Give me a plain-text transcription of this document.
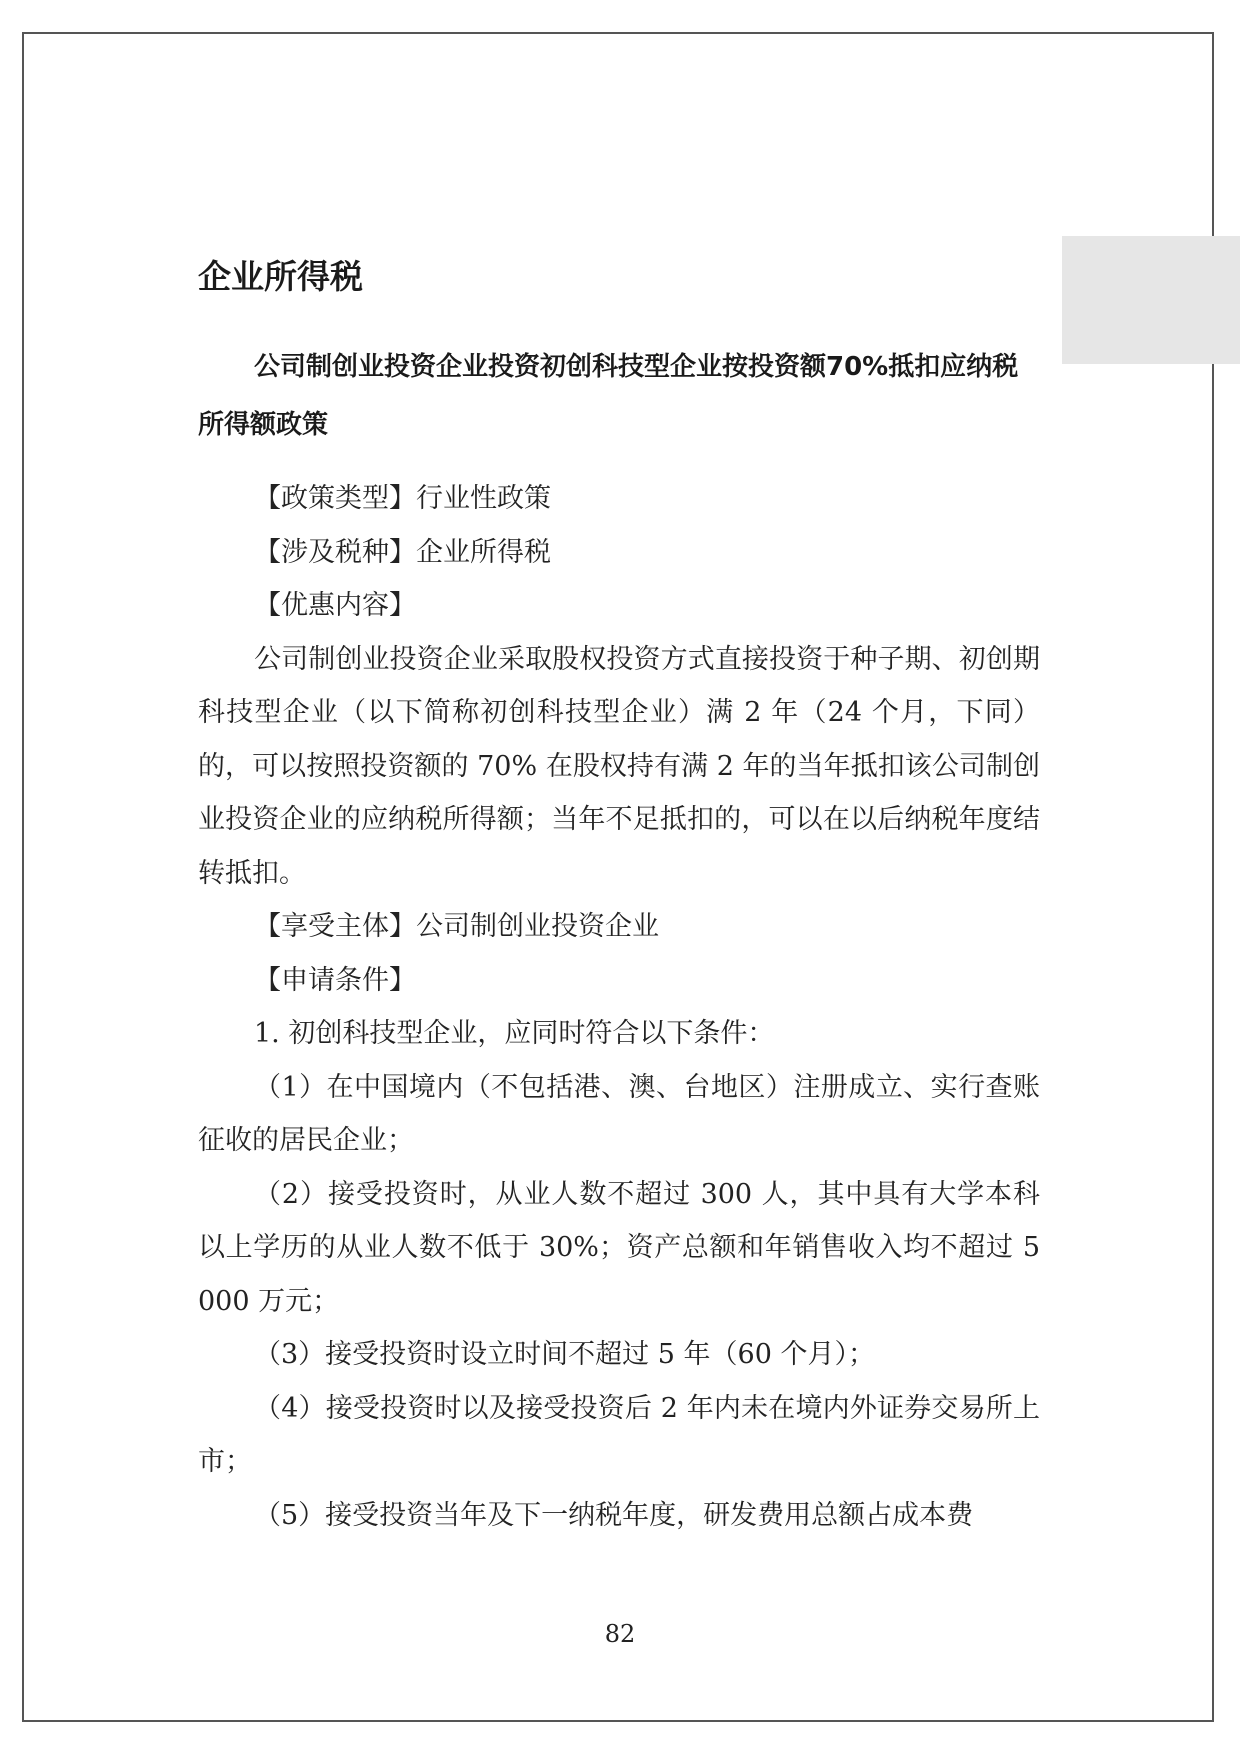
企业所得税
公司制创业投资企业投资初创科技型企业按投资额70%抵扣应纳税所得额政策
【政策类型】行业性政策
【涉及税种】企业所得税
【优惠内容】
公司制创业投资企业采取股权投资方式直接投资于种子期、初创期科技型企业（以下简称初创科技型企业）满 2 年（24 个月，下同）的，可以按照投资额的 70% 在股权持有满 2 年的当年抵扣该公司制创业投资企业的应纳税所得额；当年不足抵扣的，可以在以后纳税年度结转抵扣。
【享受主体】公司制创业投资企业
【申请条件】
1. 初创科技型企业，应同时符合以下条件：
（1）在中国境内（不包括港、澳、台地区）注册成立、实行查账征收的居民企业；
（2）接受投资时，从业人数不超过 300 人，其中具有大学本科以上学历的从业人数不低于 30%；资产总额和年销售收入均不超过 5 000 万元；
（3）接受投资时设立时间不超过 5 年（60 个月）；
（4）接受投资时以及接受投资后 2 年内未在境内外证券交易所上市；
（5）接受投资当年及下一纳税年度，研发费用总额占成本费
82
